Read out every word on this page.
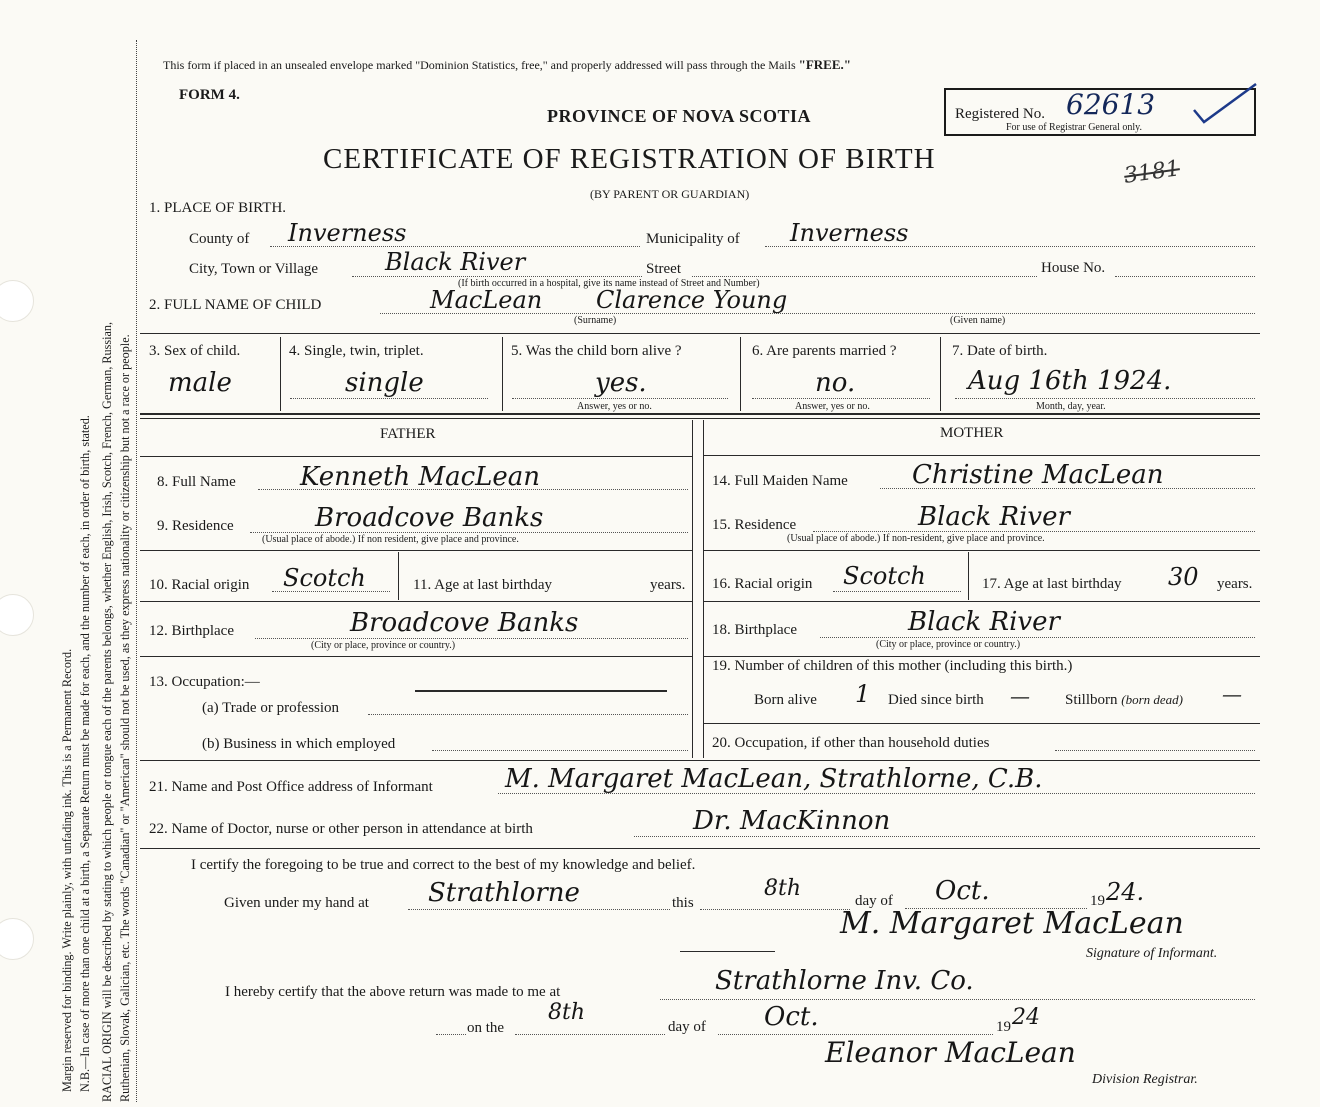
Margin reserved for binding. Write plainly, with unfading ink. This is a Permanent Record. N.B.—In case of more than one child at a birth, a Separate Return must be made for each, and the number of each, in order of birth, stated. RACIAL ORIGIN will be described by stating to which people or tongue each of the parents belongs, whether English, Irish, Scotch, French, German, Russian, Ruthenian, Slovak, Galician, etc. The words "Canadian" or "American" should not be used, as they express nationality or citizenship but not a race or people.
This form if placed in an unsealed envelope marked "Dominion Statistics, free," and properly addressed will pass through the Mails "FREE."
FORM 4.
PROVINCE OF NOVA SCOTIA	Registered No. 62613
For use of Registrar General only.
CERTIFICATE OF REGISTRATION OF BIRTH
(BY PARENT OR GUARDIAN)
3181
1. PLACE OF BIRTH.
County of Inverness	Municipality of Inverness
City, Town or Village	Black River	Street	House No.
(If birth occurred in a hospital, give its name instead of Street and Number)
2. FULL NAME OF CHILD	MacLean Clarence Young
(Surname)	(Given name)
3. Sex of child.
male
4. Single, twin, triplet.
single
5. Was the child born alive ?
yes.
Answer, yes or no.
6. Are parents married ?
no.
Answer, yes or no.
7. Date of birth.
Aug 16th 1924.
Month, day, year.
FATHER
8. Full Name Kenneth MacLean
9. Residence	Broadcove Banks
(Usual place of abode.) If non resident, give place and province.
10. Racial origin Scotch	11. Age at last birthday	years.
12. Birthplace	Broadcove Banks
(City or place, province or country.)
13. Occupation:—
(a) Trade or profession
(b) Business in which employed
MOTHER
14. Full Maiden Name Christine MacLean
15. Residence	Black River
(Usual place of abode.) If non-resident, give place and province.
16. Racial origin Scotch	17. Age at last birthday 30 years.
18. Birthplace	Black River
(City or place, province or country.)
19. Number of children of this mother (including this birth.)
Born alive 1 Died since birth — Stillborn (born dead) —
20. Occupation, if other than household duties
21. Name and Post Office address of Informant	M. Margaret MacLean, Strathlorne, C.B.
22. Name of Doctor, nurse or other person in attendance at birth	Dr. MacKinnon
I certify the foregoing to be true and correct to the best of my knowledge and belief.
Given under my hand at Strathlorne	this
8th	day of Oct.	19 24.
M. Margaret MacLean
Signature of Informant.
I hereby certify that the above return was made to me at	Strathlorne Inv. Co.
on the
8th
day of Oct.	19 24
Eleanor MacLean
Division Registrar.
